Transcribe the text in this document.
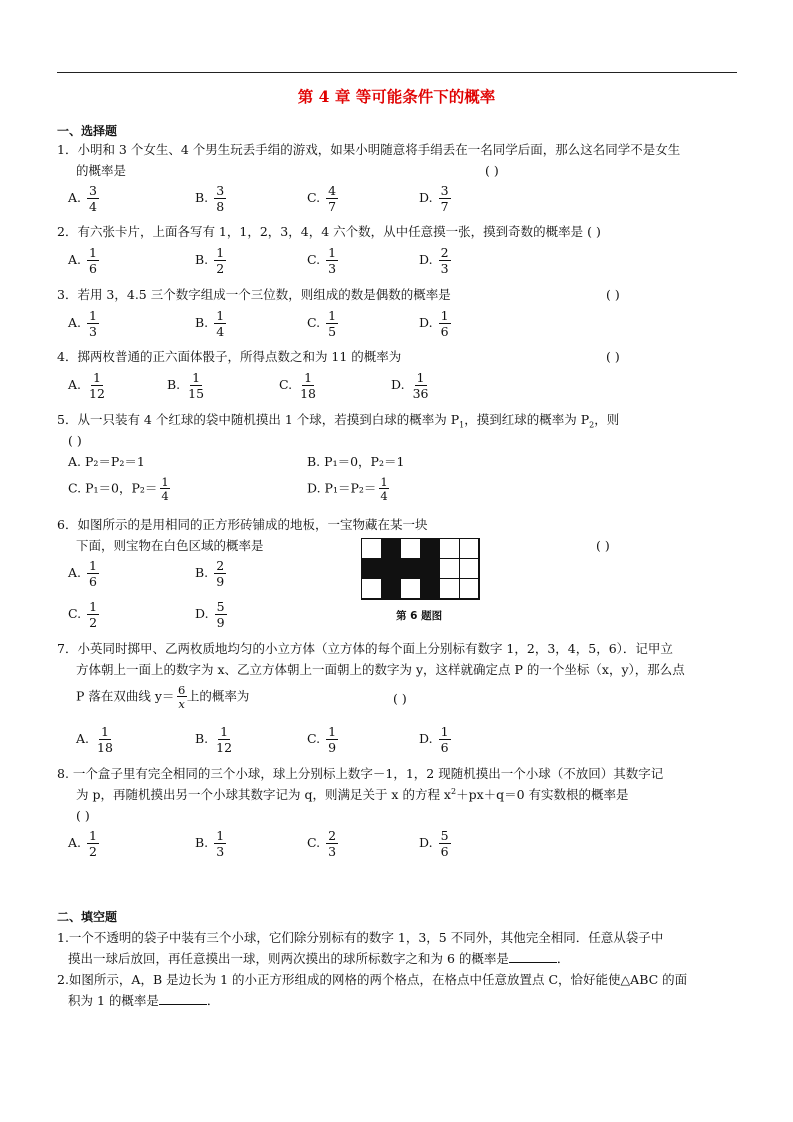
第 4 章 等可能条件下的概率
一、选择题
1．小明和 3 个女生、4 个男生玩丢手绢的游戏，如果小明随意将手绢丢在一名同学后面，那么这名同学不是女生
的概率是	( )
A. $\frac{3}{4}$	B. $\frac{3}{8}$	C. $\frac{4}{7}$	D. $\frac{3}{7}$
2．有六张卡片，上面各写有 1，1，2，3，4，4 六个数，从中任意摸一张，摸到奇数的概率是 ( )
A. $\frac{1}{6}$	B. $\frac{1}{2}$	C. $\frac{1}{3}$	D. $\frac{2}{3}$
3．若用 3，4.5 三个数字组成一个三位数，则组成的数是偶数的概率是	( )
A. $\frac{1}{3}$	B. $\frac{1}{4}$	C. $\frac{1}{5}$	D. $\frac{1}{6}$
4．掷两枚普通的正六面体骰子，所得点数之和为 11 的概率为	( )
A. $\frac{1}{12}$	B. $\frac{1}{15}$	C. $\frac{1}{18}$	D. $\frac{1}{36}$
5．从一只装有 4 个红球的袋中随机摸出 1 个球，若摸到白球的概率为 $P_1$，摸到红球的概率为 $P_2$，则
( )
A. P₂＝P₂＝1	B. P₁＝0，P₂＝1
C. P₁＝0，$P_2= \frac{1}{4}$	D. $P_1=P_2= \frac{1}{4}$
6．如图所示的是用相同的正方形砖铺成的地板，一宝物藏在某一块
下面，则宝物在白色区域的概率是	( )
第 6 题图
A. $\frac{1}{6}$	B. $\frac{2}{9}$
C. $\frac{1}{2}$	D. $\frac{5}{9}$
7．小英同时掷甲、乙两枚质地均匀的小立方体（立方体的每个面上分别标有数字 1，2，3，4，5，6）．记甲立
方体朝上一面上的数字为 x、乙立方体朝上一面朝上的数字为 y，这样就确定点 P 的一个坐标（x，y），那么点
P 落在双曲线 $y= \frac{6}{x}$ 上的概率为	( )
A. $\frac{1}{18}$	B. $\frac{1}{12}$	C. $\frac{1}{9}$	D. $\frac{1}{6}$
8. 一个盒子里有完全相同的三个小球，球上分别标上数字－1，1，2 现随机摸出一个小球（不放回）其数字记
为 p，再随机摸出另一个小球其数字记为 q，则满足关于 x 的方程 $x^2+px+q=0$ 有实数根的概率是
( )
A. $\frac{1}{2}$	B. $\frac{1}{3}$	C. $\frac{2}{3}$	D. $\frac{5}{6}$
二、填空题
1.一个不透明的袋子中装有三个小球，它们除分别标有的数字 1，3，5 不同外，其他完全相同．任意从袋子中
摸出一球后放回，再任意摸出一球，则两次摸出的球所标数字之和为 6 的概率是	．
2.如图所示，A，B 是边长为 1 的小正方形组成的网格的两个格点，在格点中任意放置点 C，恰好能使△ABC 的面
积为 1 的概率是	．
